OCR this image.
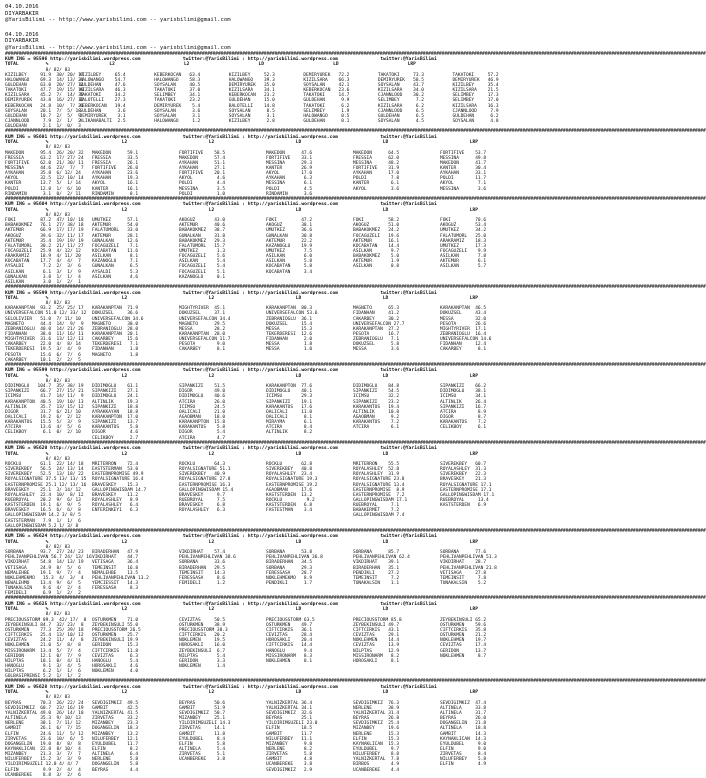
04.10.2016
DIYARBAKIR
@YarisBilimi -- http://www.yarisbilimi.com -- yarisbilimi@gmail.com
04.10.2016
DIYARBAKIR
@YarisBilimi -- http://www.yarisbilimi.com -- yarisbilimi@gmail.com
####################################################################################################################################################################################################################################################################
KUM ING = 95596 http://yarisbilimi.wordpress.com               twitter:@YarisBilimi : http://yarisbilimi.wordpress.com               twitter:@YarisBilimi
TOTAL          %
8/ 82/ 83
KIZILBEY     91.9  30/ 20/ 17
HALOWANGO    69.3  14/ 13/ 21
GULDEHAN     63.0  20/ 27/ 14
TAKATOKI     47.7  19/ 15/ 10
KIZILSARA    45.2  7/  14/ 30
DEMIRYUREK   43.8  16/ 27/ 12
KEBERKOCAN   24.8  10/  7/ 21
SOYSALAN     20.1  7/  5/ 18
GULDEHAN     10.7  2/  5/  9
CJANNLOOD     7.9  2/  1/  2
GULDEHAN      2.1  1/  0/  3
L2

KIZILBEY     65.4
HALOWANGO    54.7
GULDEHAN     47.6
KIZILSARA    46.3
TAKATOKI     34.2
BALOTELLI    27.3
KEBERKOCAN   19.4
GULDEHAN      3.6
DEMIRYUREK    3.1
ALIKANABALTI  2.5
L2

KEBERKOCAN   63.4
HALOWANGO    58.3
SOYSALAN     40.5
TAKATOKI     37.0
SELIMBEY     34.1
TAKATOKI     23.2
DEMIRYUREK    5.4
SOYSALAN      3.6
SOYSALAN      3.1
HALOWANGO     1.2
LD

KIZILBEY     52.3
HALOWANGO    39.3
DEMIRYUREK   35.0
KIZILSARA    34.1
KEBERKOCAN   23.2
GULDEHAN     15.0
BALOTELLI    14.8
SOYSALAN      8.5
SOYSALAN      3.1
KIZILBEY      2.8
LD

DEMIRYUREK   72.2
KIZILSARA    66.3
SOYSALAN     42.1
KEBERKOCAN   23.6
TAKATOKI     14.7
GULDEHAN      9.9
TAKATOKI      6.2
SELIMBEY      1.9
HALOWANGO     0.5
GULDEHAN      0.1
LRP

TAKATOKI     73.3
DEMIRYUREK   58.5
SOYSALAN     43.7
KIZILSARA    34.0
CJANNLOOD    30.2
SELIMBEY      7.2
KIZILSARA     6.2
CJANNLOOD     6.5
GULDEHAN      6.5
SOYSALAN      4.5

TAKATOKI     57.2
DEMIRYUREK   46.9
KIZILBEY     35.4
KIZILSARA    21.5
SELIMBEY     17.3
SELIMBEY     17.0
KIZILSARA    16.3
CJANNLOOD     7.9
GULDEHAN      6.2
SOYSALAN      4.8
####################################################################################################################################################################################################################################################################
KUM ING = 95601 http://yarisbilimi.wordpress.com               twitter:@YarisBilimi : http://yarisbilimi.wordpress.com               twitter:@YarisBilimi
TOTAL          %
8/ 82/ 83
MAKEDON      95.4  26/ 20/ 32
FRESSIA      63.2  17/ 27/ 24
FORTIFIVE    62.0  21/ 30/ 11
MESSINA      44.6  23/  7/  7
AYKAHAN      35.8  6/ 12/ 24
AKYOL        32.5  12/ 10/ 14
KANTER       13.7  5/  1/ 14
POLDI        12.8  1/  6/ 10
RINDAMIN      3.1  0/  2/ 11
L2

MAKEDON      59.1
FRESSIA      33.5
FRESSIA      26.1
FORTIFIVE    26.0
AYKAHAN      23.6
AYKAHAN      19.3
AKYOL        16.1
KANTER       16.1
RINDAMIN      8.1
L2

FORTIFIVE    58.5
MAKEDON      57.4
AYKAHAN      51.1
AYKAHAN      27.1
FORTIFIVE    20.1
AKYOL         4.6
POLDI         4.4
MESSINA       3.5
POLDI         1.0
LD

MAKEDON      47.6
FORTIFIVE    33.1
MESSINA      29.3
KANTER       26.9
AKYOL        17.0
AYKAHAN       6.3
MESSINA       6.1
POLDI         4.5
RINDAMIN      3.6
LD

MAKEDON      64.5
FRESSIA      62.0
MESSINA      48.2
FORTIFIVE    31.9
AYKAHAN      17.0
POLDI         7.8
KANTER        6.1
AKYOL         3.6
LRP

FORTIFIVE    53.7
MESSINA      49.8
MAKEDON      41.7
KANTER       30.4
AYKAHAN      33.1
POLDI        11.7
AKYOL         7.1
MESSINA       3.6
####################################################################################################################################################################################################################################################################
KUM ING = 95604 http://yarisbilimi.wordpress.com               twitter:@YarisBilimi : http://yarisbilimi.wordpress.com               twitter:@YarisBilimi
TOTAL          %
8/ 82/ 83
FOKI         87.2  47/ 10/ 18
BABAKOKMEZ   76.1  27/ 38/ 18
AKTEMUR      66.9  17/ 17/ 19
AKOGUZ       39.6  32/ 11/ 17
AKTEMUR      35.4  19/ 19/ 19
FALATUMORL   30.2  21/ 11/ 27
FOCAGUZELI   25.9  4/ 12/ 12
ARAKRAMIZ    18.9  4/ 11/ 20
KOCABATAN    17.7  4/  4/  7
AYSALDI       7.2  2/  3/  6
ASILKAN       6.1  3/  1/  9
GUNALKAN      3.8  1/  1/  4
ASILKAN       3.0  1/  2/  1
L2

UMUTKEZ      57.1
AKTEMUR      54.0
FALATUMORL   33.0
AKTEMUR      28.1
GUNALKAN     12.6
FOCAGUZELI    7.1
KOCABATAN    11.6
ASILKAN       8.1
KAZANOGLU     7.1
GUNALKAN      6.5
AYSALDI       5.3
ASILKAN       4.6
L2

AKOGUZ       43.0
AKTEMUR      40.6
BABAKOKMEZ   38.7
GUNALKAN     31.8
BABAKOKMEZ   29.3
FALATUMORL   15.7
UMUTKEZ       1.3
FOCAGUZELI    5.6
ASILKAN       5.4
FOCAGUZELI    5.4
FOCAGUZELI    5.1
KAZANOGLU     0.1
LD

FOKI         47.2
AKOGUZ       38.1
UMUTKEZ      36.6
GUNALKAN     30.8
AKTEMUR      22.2
KAZANOGLU    19.9
UMUTKEZ       7.5
ASILKAN       6.0
ASILKAN       5.8
KOCABATAN     5.8
KOCABATAN     3.4
LD

FOKI         58.2
AKOGUZ       51.0
BABAKOKMEZ   24.2
FOCAGUZELI   19.6
AKTEMUR      16.1
KOCABATAN    14.4
ASILKAN       9.7
BABAKOKMEZ    5.0
AKTEMUR       1.9
ASILKAN       0.8
LRP

FOKI         70.6
AKOGUZ       53.4
UMUTKEZ      34.2
FALATUMORL   25.0
ARAKRAMIZ    18.3
UMUTKEZ      17.3
FOCAGUZELI    9.9
ASILKAN       7.8
AKTEMUR       6.1
ASILKAN       5.7
####################################################################################################################################################################################################################################################################
KUM ING = 95599 http://yarisbilimi.wordpress.com               twitter:@YarisBilimi : http://yarisbilimi.wordpress.com               twitter:@YarisBilimi
TOTAL          %
8/ 82/ 83
KARAKANPTAN  93.2  25/ 25/ 17
UNIVERSEFALCON 51.0 12/ 33/ 12
SELOLIVIER   51.0  7/ 11/ 10
MAGNETO      44.4  14/  9/  9
ZEBRANIOGLU  40.0  14/ 21/ 26
FIDANHAN     38.0  11/ 16/ 11
MIGHTYRIVER  31.6  13/ 12/ 13
CAKARBEY     22.0  4/  8/ 14
TEKERDERESI  19.5  3/  4/  9
PESOTA       15.6  6/  7/  6
CAKARBEY     10.1  2/  2/  5
L2

KARAKANPTAN  71.9
DOKUZSEL     36.6
UNIVERSEFALCON 34.6
MAGNETO      30.0
ZEBRANIOGLU  28.0
KARAKANPTAN  20.1
CAKARBEY     15.6
TEKERDERESI   7.1
FIDANHAN      1.8
MAGNETO       1.8
L2

MIGHTYRIVER  45.1
DOKUZSEL     37.1
UNIVERSEFALCON 34.4
MAGNETO      29.5
MESSA        28.2
KARAKANPTAN  28.0
UNIVERSEFALCON 11.7
PESOTA        9.0
CAKARBEY      8.1
LD

KARAKANPTAN  80.3
UNIVERSEFALCON 53.6
ZEBRANIOGLU  36.1
DOKUZSEL     15.4
MESSA        15.3
TEKERDERESI  12.6
FIDANHAN      2.0
MESSA         1.8
MESSA         1.0
LD

MAGNETO      65.3
FIDANHAN     41.2
CAKARBEY     30.2
UNIVERSEFALCON 27.7
KARAKANPTAN  27.2
PESOTA       16.7
ZEBRANIOGLU   7.1
DOKUZSEL      5.8
MESSA         3.6
LRP

KARAKANPTAN  46.5
DOKUZSEL     43.4
MESSA        32.0
PESOTA       26.6
MIGHTYRIVER  17.1
ZEBRANIOGLU  16.4
UNIVERSEFALCON 14.6
FIDANHAN     12.4
CAKARBEY      8.1
####################################################################################################################################################################################################################################################################
KUM ING = 95599 http://yarisbilimi.wordpress.com               twitter:@YarisBilimi : http://yarisbilimi.wordpress.com               twitter:@YarisBilimi
TOTAL          %
8/ 82/ 83
DIDIMOGLU   104.7  35/ 38/ 19
SIPANKIZI    66.7  27/ 15/ 21
ICIMSU       41.7  14/ 11/  9
KARAKANPTON  40.5  19/ 10/ 13
ALTINLIK     35.7  13/ 15/ 12
DIGOR        31.7  6/ 21/ 10
OALICALI     19.2  6/  2/ 12
KARAKANTOS   15.5  5/  3/  9
ATCIRA       13.6  4/  5/  6
CELIKBOY      6.1  0/  2/ 10
L2

DIDIMOGLU    61.1
SIPANKIZI    27.1
DIDIMOGLU    24.1
ALTINLIK     19.3
SIPANKIZI    18.8
AYRAKKAYAN   18.8
KARAKANPTON  17.0
SIPANKIZI    13.7
KARAKANTOS    5.8
DIGOR         4.6
CELIKBOY      2.7
L2

SIPANKIZI    51.5
DIGOR        49.0
DIDIMOGLU    40.6
ATCIRA       26.0
ICIMSU       24.5
OALICALI     21.0
AGAOBMAN     18.0
KARAKANPTON  15.8
KARAKANTOS    5.8
DIGOR         5.4
ATCIRA        4.7
LD

KARAKANPTON  77.6
DIDIMOGLU    40.1
ICIMSU       29.3
SIPANKIZI    19.1
KARAKANTOS   17.6
OALICALI     11.0
OALICALI      8.1
MIRAYMA       6.1
ATCIRA        8.4
ALTINLIK      8.2
LD

DIDIMOGLU    84.8
SIPANKIZI    54.5
ICIMSU       32.2
SIPANKIZI    23.2
KARAKANTOS   19.4
ALTINLIK     10.8
AGAOBMAN      9.2
KARAKANTOS    7.2
ATCIRA        6.1
LRP

SIPANKIZI    66.2
DIDIMOGLU    38.1
ICIMSU       34.1
ALTINLIK     26.4
SIPANKIZI    16.7
ATCIRA        8.9
DIGOR         8.7
KARAKANTOS    7.2
CELIKBOY      6.1
####################################################################################################################################################################################################################################################################
KUM ING = 95620 http://yarisbilimi.wordpress.com               twitter:@YarisBilimi : http://yarisbilimi.wordpress.com               twitter:@YarisBilimi
TOTAL          %
8/ 82/ 83
ROCKLU       61.1  22/ 14/ 18
SIVEREKBEY   56.5  24/ 13/ 14
SIVEREKBEY   52.5  13/ 18/ 22
ROYALSIGNATURE 37.5 13/ 13/ 15
EASTERNPROMISE 25.1 12/ 13/ 16
BRAVESKEY    25.1  3/ 14/ 12
ROYALASHLEY  22.4  10/  8/ 12
RUEBROYAL    20.2  9/  6/ 13
KASTSTERDEN  19.1  6/  9/  5
BRAVESKEY    16.5  6/  6/  8
GALLOPINGWISDAM 14.2 3/ 8/ 5
EASTSTERMAN   7.9  1/  1/  6
GALLOPINGWISDAM 5.2 1/ 3/ 8
L2

MRITERRON    72.4
EASTSTERMAN  53.0
EASTERNPROMISE 49.9
ROYALSIGNATURE 16.4
BRAVESKEY    15.3
GALLOPINGWISDAM 14.7
BRAVESKEY    11.2
ROYALASHLEY   8.9
ROYALASHLEY   6.4
ENTERINKEY1   6.3
L2

ROCKLU       64.3
ROYALSIGNATURE 51.1
SIVEREKBEY   40.9
ROYALSIGNATURE 27.8
EASTERNPROMISE 16.3
GALLOPINGWISDAM 15.4
BRAVESKEY     9.7
RUEBROYAL     7.5
BRAVESKEY     6.8
ROYALASHLEY   6.3
LD

ROCKLU       62.8
SIVEREKBEY   40.8
ROYALASHLEY  23.4
ROYALSIGNATURE 19.3
EASTERNPROMISE 19.2
AGAOBMAN     17.6
KASTSTERDEN  13.2
ROCKLU         9.2
KASTSTERDEN   6.8
FASTESTMAN    3.4
LD

MRITERRON    55.5
ROYALASHLEY  52.8
ROYALASHLEY  31.9
ROYALSIGNATURE 23.8
ROYALSIGNATURE 13.4
EASTERNPROMISE  8.9
EASTERNPROMISE  7.2
GALLOPINGWISDAM 17.1
RUEBROYAL     7.1
BABAKERMET    7.2
GALLOPINGWISDAM 7.4
LRP

SIVEREKBEY   60.7
ROYALASHLEY  31.3
SIVEREKBEY   22.3
BRAVESKEY    21.3
ROYALSIGNATURE 17.1
EASTERNPROMISE 17.1
GALLOPINGWISDAM 17.1
RUEBROYAL     13.4
KASTSTERDEN   6.9
####################################################################################################################################################################################################################################################################
KUM ING = 95624 http://yarisbilimi.wordpress.com               twitter:@YarisBilimi : http://yarisbilimi.wordpress.com               twitter:@YarisBilimi
TOTAL          %
8/ 82/ 83
SORBANA      93.7  27/ 24/ 23
PEHLIVANPEHLIVAN 56.7 24/ 13/ 16
VIKDIRHAT    54.8  14/ 13/ 19
VETISAGA     24.9  8/  5/  6
NEMALEHBE    19.1  9/  7/  4
NOKLEHMEKMO   15.3  4/  3/  4
NEWALEHMO    13.4  9/  6/  5
TUNAKALSIN    9.6  4/  2/  4
FEMIDELI      6.9  1/  2/  2
L2

BIRADERHAN   47.9
VIKDIRHAT    44.7
VETISAGA     36.4
TEMEINSIT    16.8
NEMALEHBE    13.5
PEHLIVANPEHLIVAN 13.2
YEMCIESSIT   14.3
FERESSASA     8.3
L2

VIKDIRHAT    57.4
PEHLIVANPEHLIVAN 38.6
SORBANA      33.6
BIRADERHAN   29.5
TEMEINSIT    14.3
FERESSASA     8.6
FEMIDELI      1.2
LD

SORBANA      53.8
PEHLIVANPEHLIVAN 36.8
BIRADERHAN   34.5
SORBANA      29.3
FERESSASA    28.7
NOKLEHMEKMO   8.9
PENDIKLI      1.7
LD

SORBANA      85.7
PEHLIVANPEHLIVAN 62.4
VIKDIRHAT    39.1
BIRADERHAN   35.1
PENDIKLI     27.2
TEMEINSIT     7.2
TUNAKALSIN    1.1
LRP

SORBANA      77.6
PEHLIVANPEHLIVAN 51.3
VIKDIRHAT    28.7
PEHLIVANPEHLIVAN 21.8
VETISAGA     27.8
TEMEINSIT     7.8
TUNAKALSIN    5.2
####################################################################################################################################################################################################################################################################
KUM ING = 95625 http://yarisbilimi.wordpress.com               twitter:@YarisBilimi : http://yarisbilimi.wordpress.com               twitter:@YarisBilimi
TOTAL          %
8/ 82/ 83
PRECIOUSSTORM 89.3  42/ 17/  8
ZEYBEKINSULI 84.7  32/ 23/  8
OSTURKMEN    77.3  25/ 39/ 18
CIFTCIRKIS   25.4  13/ 10/ 12
CEVIZTAS     24.2  11/  4/  8
NOKLEHMEN    21.0  5/  8/  8
MISSIRONARM  13.4  5/  7/  4
GERIDON      12.1  0/  7/  9
NILPTAS      10.1  0/  4/ 11
HANOGLU       9.1  3/  4/  5
NILPTAS       6.2  1/  1/  6
GOLBASIPRENSI 5.2  1/  1/  2
L2

OSTURKMEN    71.0
ZEYBEKINSULI 55.0
PRECIOUSSTORM 26.5
OSTURKMEN    25.7
ZEYBEKINSULI 19.9
GERIDON      15.3
CIFTCIRKIS   11.8
CEVIZTAS      6.3
HANOGLU       5.4
HOROSAKLI     4.6
NOKLEMEN      4.0
L2

CEVIZTAS     50.5
OSTURKMEN    38.9
PRECIOUSSTORM 38.3
CIFTCIRKIS   20.2
NOKLEMEN     19.5
HOROSAKLI    16.0
ZEYBEKINSULI  6.7
NILPTAS       5.4
GERIDON       3.3
NOKLEMEN      1.4
LD

PRECIOUSSTORM 63.5
OSTURKMEN    49.7
CIFTCIRKIS   36.1
CEVIZTAS     28.4
HOROSAKLI    20.4
CIFTCIRKIS   14.4
HANOGLU       9.4
MISSIRONARM   8.3
NOKLEHMEN     8.1
LD

PRECIOUSSTORM 85.8
ZEYBEKINSULI 49.7
CIFTCIRKIS   43.1
CEVIZTAS     29.1
NOKLEHMEN    14.4
CEVIZTAS     13.9
NILPTAS      12.9
MISSIRONARM   8.2
HOROSAKLI     8.1
LRP

ZEYBEKINSULI 65.2
OSTURKMEN    59.6
CIFTCIRKIS   35.8
OSTURKMEN    21.2
NOKLEHMEN    19.7
CEVIZTAS     17.4
GERIDON      13.7
NOKLEHMEN     8.7
####################################################################################################################################################################################################################################################################
KUM ING = 95628 http://yarisbilimi.wordpress.com               twitter:@YarisBilimi : http://yarisbilimi.wordpress.com               twitter:@YarisBilimi
TOTAL          %
8/ 82/ 83
BEYRAS       70.3  26/ 22/ 24
SEVDIGIMKIZ  60.7  23/ 16/ 19
YALNIZKERTAL 49.0  26/ 14/ 10
ALTINELA     35.3  9/ 10/ 13
NERLENE      30.1  7/ 11/ 12
GAMBIT       26.1  6/  7/ 15
ELFIN        24.6  11/  5/ 12
ZIRVETAS     23.6  10/  6/  5
DOGANGELIN   19.0  8/  8/  8
KAYNAKLICAN  22.8  8/ 10/  4
MIZANBEY     21.3  3/  7/  7
NILUFERBEY   15.2  3/  3/  9
YILDIRIMGUZELI 12.0 4/ 4/ 7
ELFIN         9.9  2/  4/  4
UCANBEREKE    8.8  3/  2/  6
L2

SEVDIGIMKIZ  49.5
GAMBIT       42.5
YALNIZKERTAL 41.5
ZIRVETAS     33.2
MIZANBEY     23.3
DOGANGELIN   18.3
MIZANBEY     13.2
NILUFERBEY   12.1
EYULDUBEL    11.7
ELFIN         8.2
ALTINELA      6.4
NERLENE       5.8
DOGANGELIN    5.8
BEYRAS        4.4
L2

BEYRAS       50.6
GAMBIT       51.9
SEVDIGIMKIZ  50.7
MIZANBEY     25.1
YILDIRIMGUZELI 14.3
ZIRVETAS     14.1
GAMBIT       11.8
EYULDUBEL     8.4
ELFIN         5.8
ALTINELA      5.4
ZIRVETAS      5.1
UCANBEREKE    3.8
LD

YALNIZKERTAL 36.4
YALNIZKERTAL 34.1
SEVDIGIMKIZ  32.6
BEYRAS       25.1
YILDIRIMGUZELI 23.0
ELFIN        18.5
GAMBIT       11.7
NILUFERBEY   11.1
MIZANBEY      9.8
NERLENE       8.2
ZIRVETAS      5.8
GAMBIT        4.8
UCANBEREKE    3.8
SEVDIGIMKIZ   2.9
LD

SEVDIGIMKIZ  76.3
NERLENE      38.9
YALNIZKERTAL 31.4
BEYRAS       26.8
SEVDIGIMKIZ  25.4
MIZANBEY     19.6
NERLENE      15.3
ELFIN        15.3
KAYNAKLICAN  15.3
EYULDUBEL     9.7
NILUFERBEY    8.8
YALNIZKERTAL  7.8
BIRBOS        4.9
UCANBEREKE    4.4
LRP

SEVDIGIMKIZ  47.4
ALTINELA     33.8
ALTINELA     31.7
BEYRAS       26.0
DOGANGELIN   21.8
ALTINELA     18.8
GAMBIT       14.3
KAYNAKLICAN  14.3
EYULDUBEL     9.0
ELFIN         9.0
ZIRVETAS      8.4
NILUFERBEY    5.8
ELFIN         4.9
